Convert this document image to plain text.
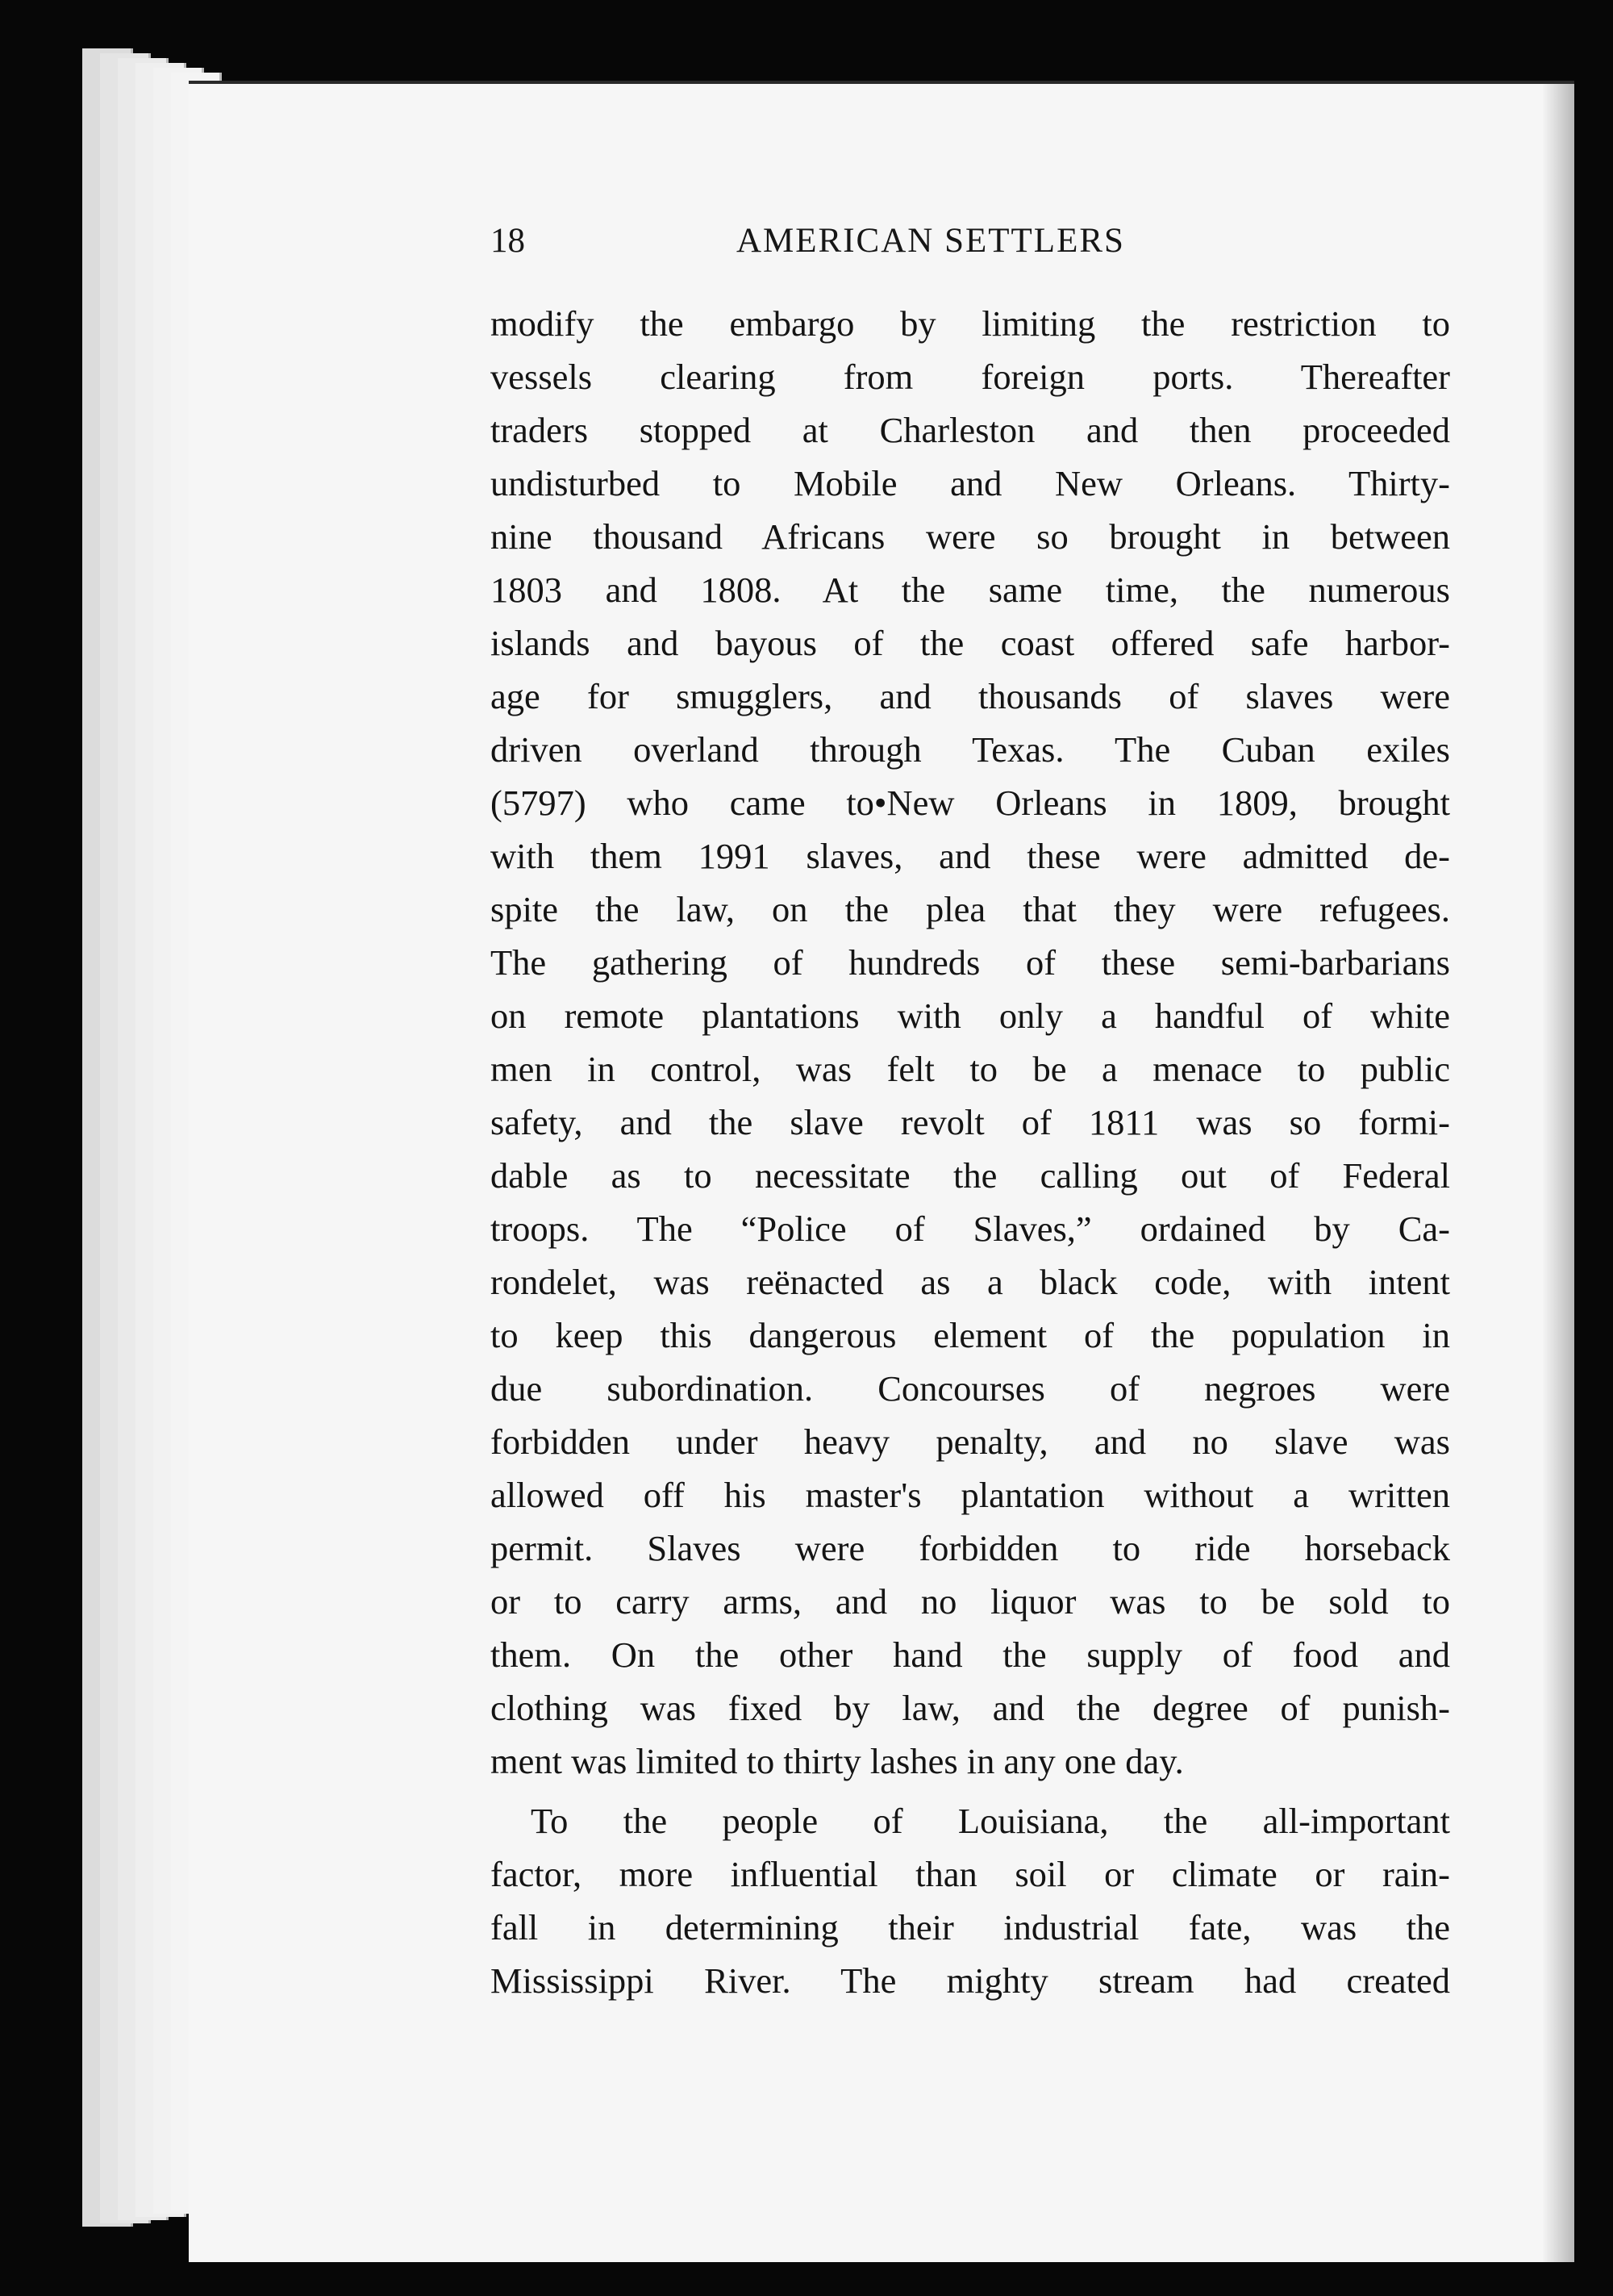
18	AMERICAN SETTLERS
modify the embargo by limiting the restriction to
vessels clearing from foreign ports. Thereafter
traders stopped at Charleston and then proceeded
undisturbed to Mobile and New Orleans. Thirty-
nine thousand Africans were so brought in between
1803 and 1808. At the same time, the numerous
islands and bayous of the coast offered safe harbor-
age for smugglers, and thousands of slaves were
driven overland through Texas. The Cuban exiles
(5797) who came to•New Orleans in 1809, brought
with them 1991 slaves, and these were admitted de-
spite the law, on the plea that they were refugees.
The gathering of hundreds of these semi-barbarians
on remote plantations with only a handful of white
men in control, was felt to be a menace to public
safety, and the slave revolt of 1811 was so formi-
dable as to necessitate the calling out of Federal
troops. The “Police of Slaves,” ordained by Ca-
rondelet, was reënacted as a black code, with intent
to keep this dangerous element of the population in
due subordination. Concourses of negroes were
forbidden under heavy penalty, and no slave was
allowed off his master's plantation without a written
permit. Slaves were forbidden to ride horseback
or to carry arms, and no liquor was to be sold to
them. On the other hand the supply of food and
clothing was fixed by law, and the degree of punish-
ment was limited to thirty lashes in any one day.
To the people of Louisiana, the all-important
factor, more influential than soil or climate or rain-
fall in determining their industrial fate, was the
Mississippi River. The mighty stream had created
